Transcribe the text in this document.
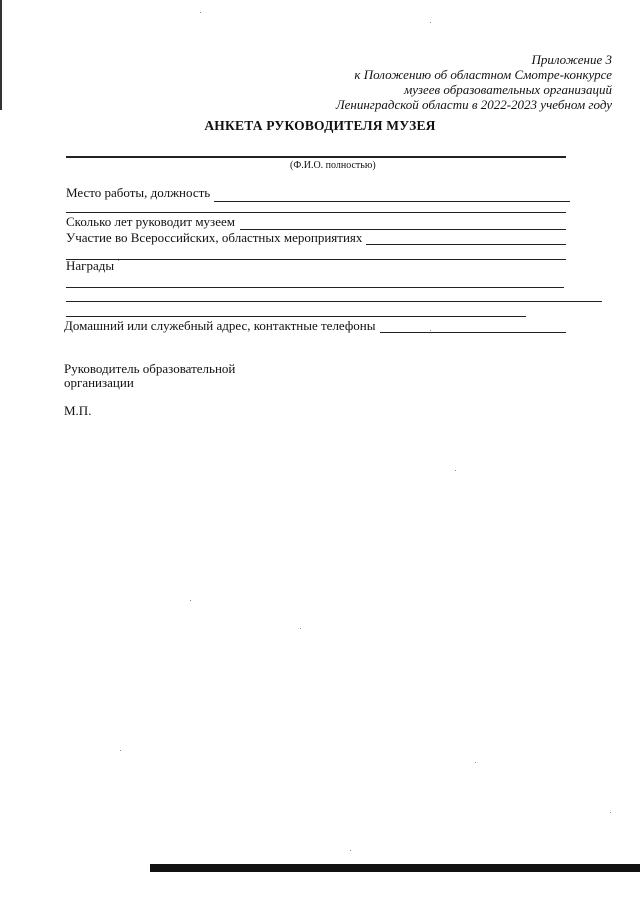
Приложение 3
к Положению об областном Смотре-конкурсе
музеев образовательных организаций
Ленинградской области в 2022-2023 учебном году
АНКЕТА РУКОВОДИТЕЛЯ МУЗЕЯ
(Ф.И.О. полностью)
Место работы, должность
Сколько лет руководит музеем
Участие во Всероссийских, областных мероприятиях
Награды
Домашний или служебный адрес, контактные телефоны
Руководитель образовательной
организации
М.П.
